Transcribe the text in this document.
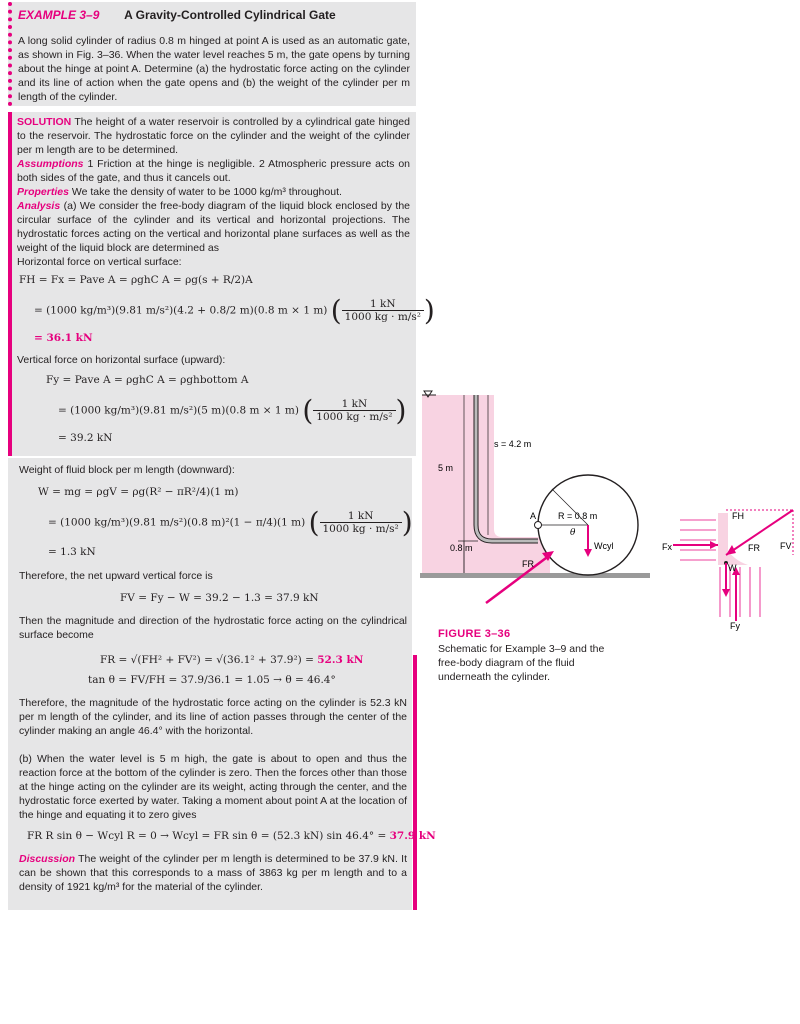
EXAMPLE 3–9 A Gravity-Controlled Cylindrical Gate
A long solid cylinder of radius 0.8 m hinged at point A is used as an automatic gate, as shown in Fig. 3–36. When the water level reaches 5 m, the gate opens by turning about the hinge at point A. Determine (a) the hydrostatic force acting on the cylinder and its line of action when the gate opens and (b) the weight of the cylinder per m length of the cylinder.
SOLUTION The height of a water reservoir is controlled by a cylindrical gate hinged to the reservoir. The hydrostatic force on the cylinder and the weight of the cylinder per m length are to be determined.
Assumptions 1 Friction at the hinge is negligible. 2 Atmospheric pressure acts on both sides of the gate, and thus it cancels out.
Properties We take the density of water to be 1000 kg/m³ throughout.
Analysis (a) We consider the free-body diagram of the liquid block enclosed by the circular surface of the cylinder and its vertical and horizontal projections. The hydrostatic forces acting on the vertical and horizontal plane surfaces as well as the weight of the liquid block are determined as
Horizontal force on vertical surface:
FH = Fx = Pave A = ρghC A = ρg(s + R/2)A
= (1000 kg/m³)(9.81 m/s²)(4.2 + 0.8/2 m)(0.8 m × 1 m) ( $\frac{1 kN}{\text{1000 kg · m/s²}}$ )
= 36.1 kN
Vertical force on horizontal surface (upward):
Fy = Pave A = ρghC A = ρghbottom A
= (1000 kg/m³)(9.81 m/s²)(5 m)(0.8 m × 1 m) ( $\frac{1 kN}{\text{1000 kg · m/s²}}$ )
= 39.2 kN
Weight of fluid block per m length (downward):
W = mg = ρgV = ρg(R² − πR²/4)(1 m)
= (1000 kg/m³)(9.81 m/s²)(0.8 m)²(1 − π/4)(1 m) ( $\frac{1 kN}{\text{1000 kg · m/s²}}$ )
= 1.3 kN
Therefore, the net upward vertical force is
FV = Fy − W = 39.2 − 1.3 = 37.9 kN
Then the magnitude and direction of the hydrostatic force acting on the cylindrical surface become
FR = √(FH² + FV²) = √(36.1² + 37.9²) = 52.3 kN
tan θ = FV/FH = 37.9/36.1 = 1.05 → θ = 46.4°
Therefore, the magnitude of the hydrostatic force acting on the cylinder is 52.3 kN per m length of the cylinder, and its line of action passes through the center of the cylinder making an angle 46.4° with the horizontal.
(b) When the water level is 5 m high, the gate is about to open and thus the reaction force at the bottom of the cylinder is zero. Then the forces other than those at the hinge acting on the cylinder are its weight, acting through the center, and the hydrostatic force exerted by water. Taking a moment about point A at the location of the hinge and equating it to zero gives
FR R sin θ − Wcyl R = 0 → Wcyl = FR sin θ = (52.3 kN) sin 46.4° = 37.9 kN
Discussion The weight of the cylinder per m length is determined to be 37.9 kN. It can be shown that this corresponds to a mass of 3863 kg per m length and to a density of 1921 kg/m³ for the material of the cylinder.
s = 4.2 m
5 m
0.8 m
R = 0.8 m
θ
A
Wcyl
FR
Fx
Fy
W
FH
FV
FR
FIGURE 3–36
Schematic for Example 3–9 and the free-body diagram of the fluid underneath the cylinder.
